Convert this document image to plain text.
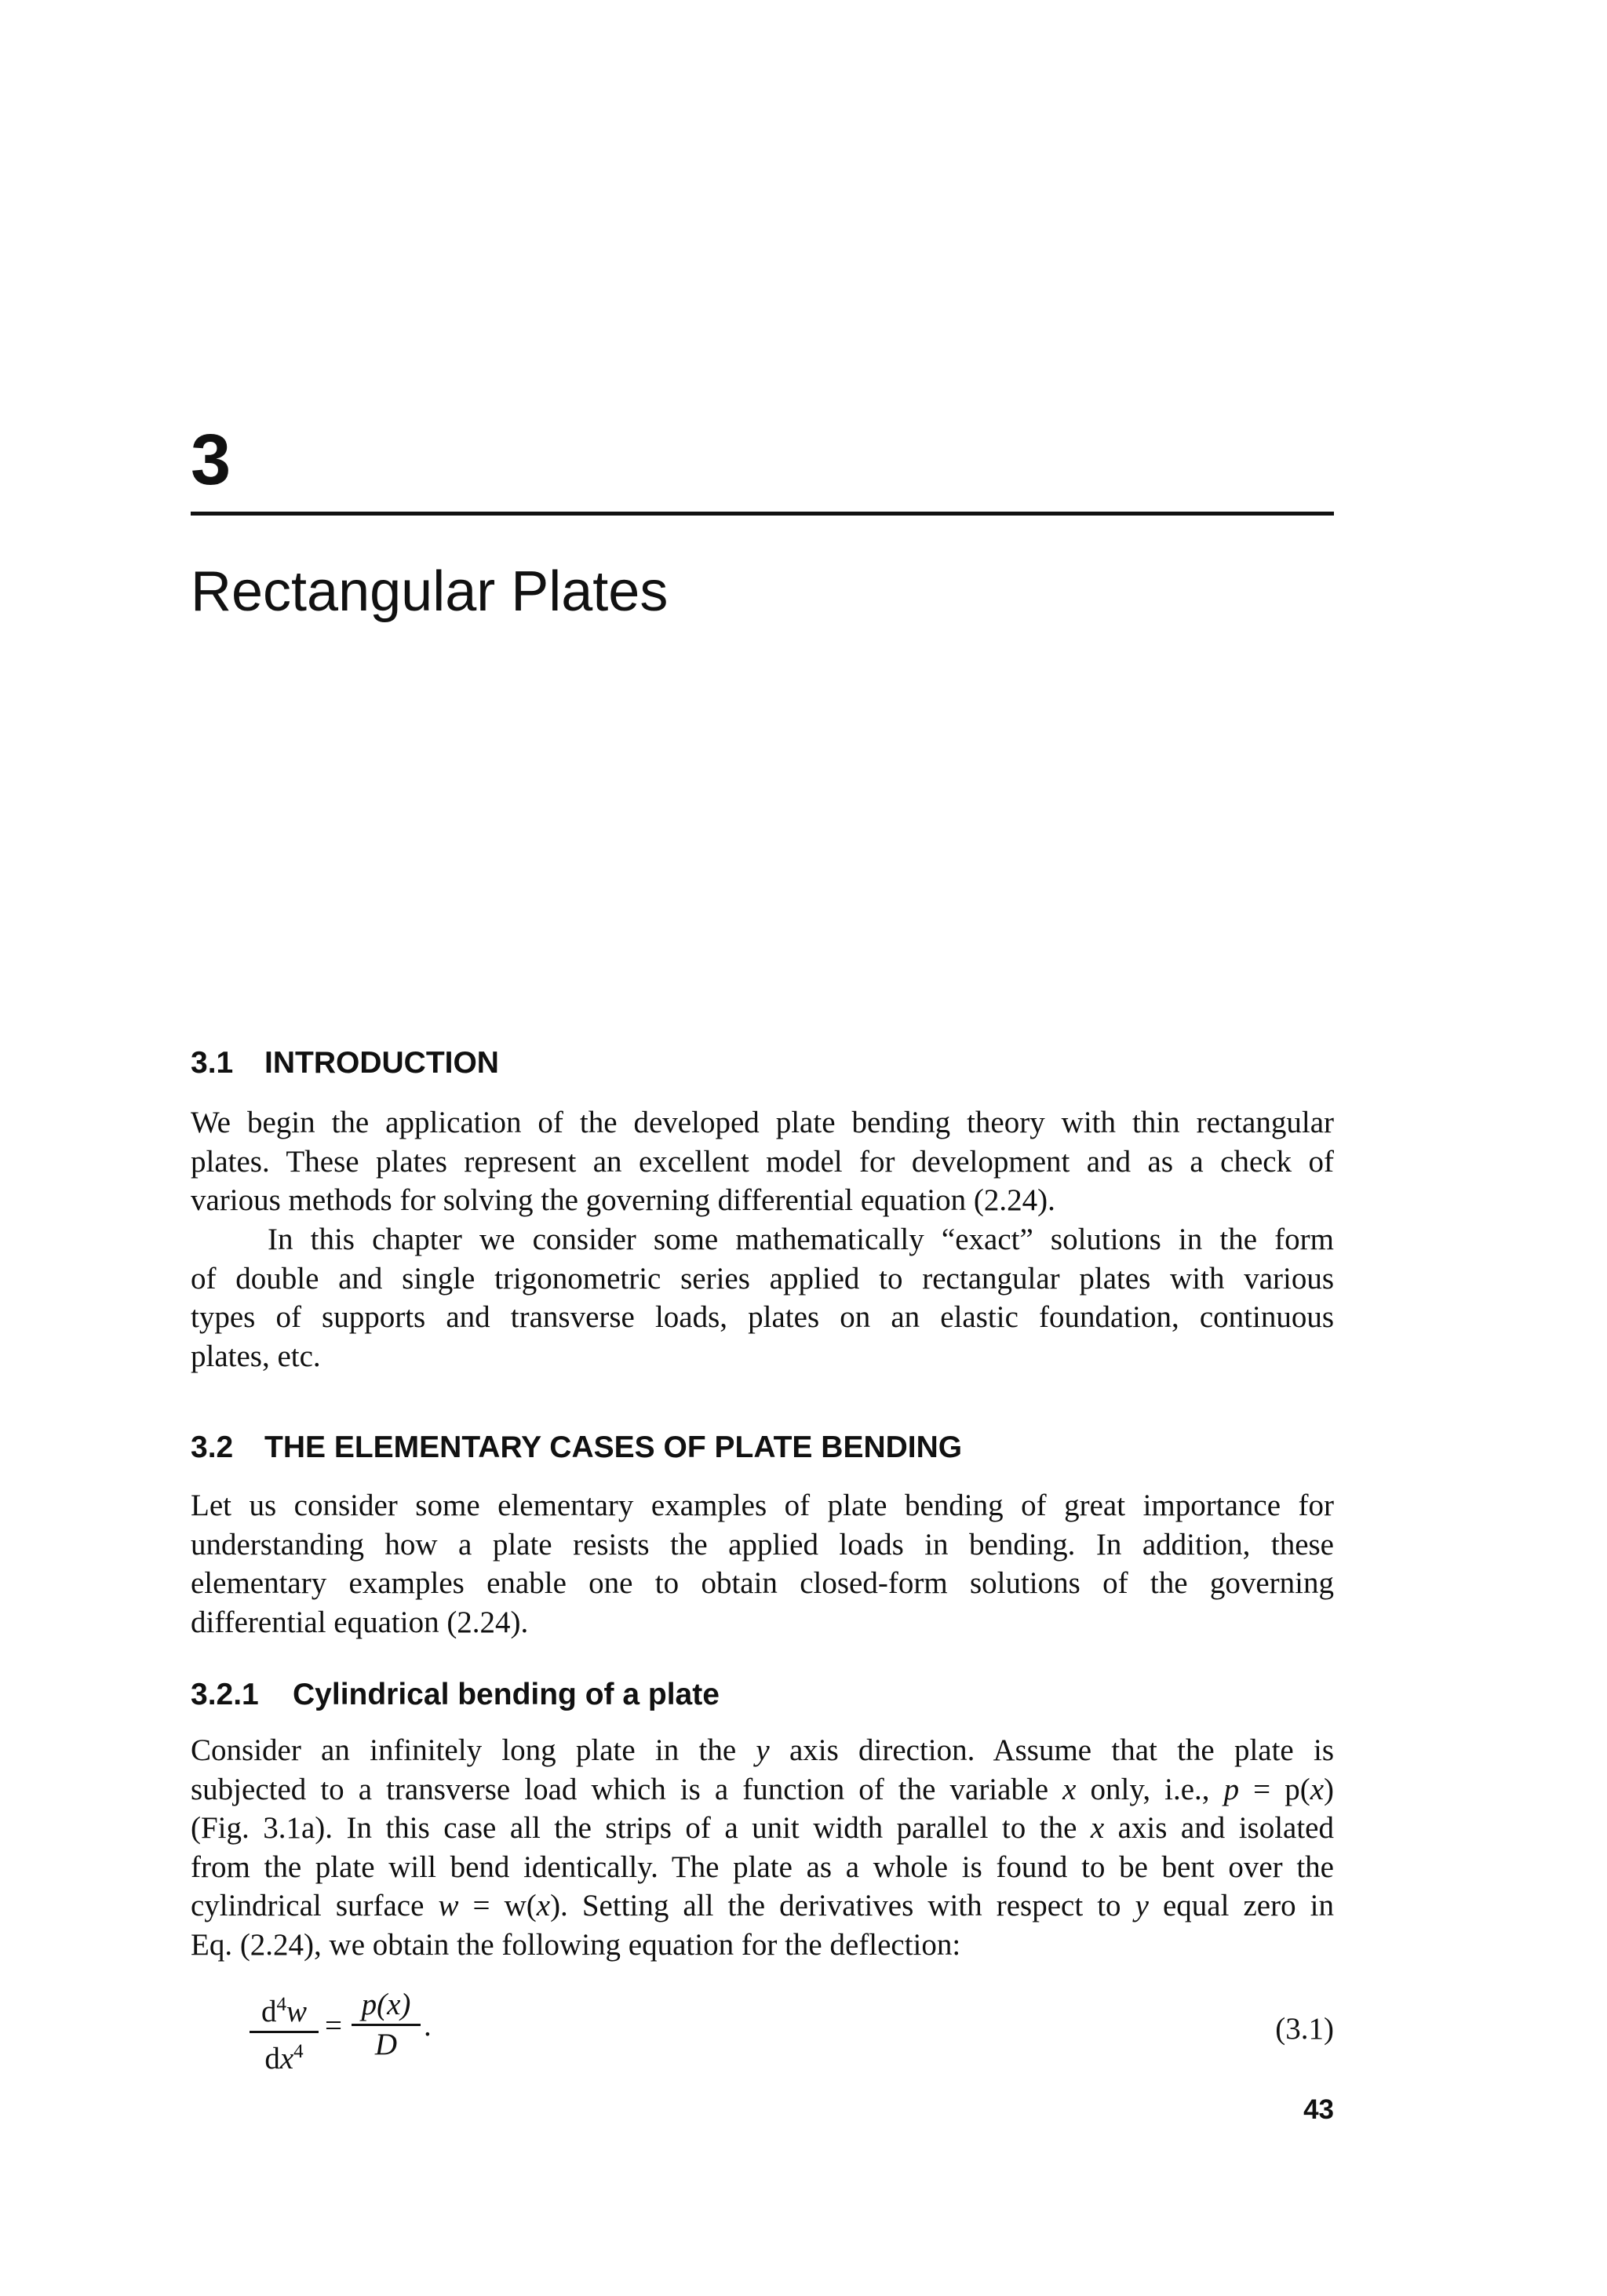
3
Rectangular Plates
3.1 INTRODUCTION
We begin the application of the developed plate bending theory with thin rectangular
plates. These plates represent an excellent model for development and as a check of
various methods for solving the governing differential equation (2.24).
In this chapter we consider some mathematically “exact” solutions in the form
of double and single trigonometric series applied to rectangular plates with various
types of supports and transverse loads, plates on an elastic foundation, continuous
plates, etc.
3.2 THE ELEMENTARY CASES OF PLATE BENDING
Let us consider some elementary examples of plate bending of great importance for
understanding how a plate resists the applied loads in bending. In addition, these
elementary examples enable one to obtain closed-form solutions of the governing
differential equation (2.24).
3.2.1 Cylindrical bending of a plate
Consider an infinitely long plate in the y axis direction. Assume that the plate is
subjected to a transverse load which is a function of the variable x only, i.e., p = p(x)
(Fig. 3.1a). In this case all the strips of a unit width parallel to the x axis and isolated
from the plate will bend identically. The plate as a whole is found to be bent over the
cylindrical surface w = w(x). Setting all the derivatives with respect to y equal zero in
Eq. (2.24), we obtain the following equation for the deflection:
$d^4w$
$dx^4$
=
p(x)
D
.	(3.1)
43
